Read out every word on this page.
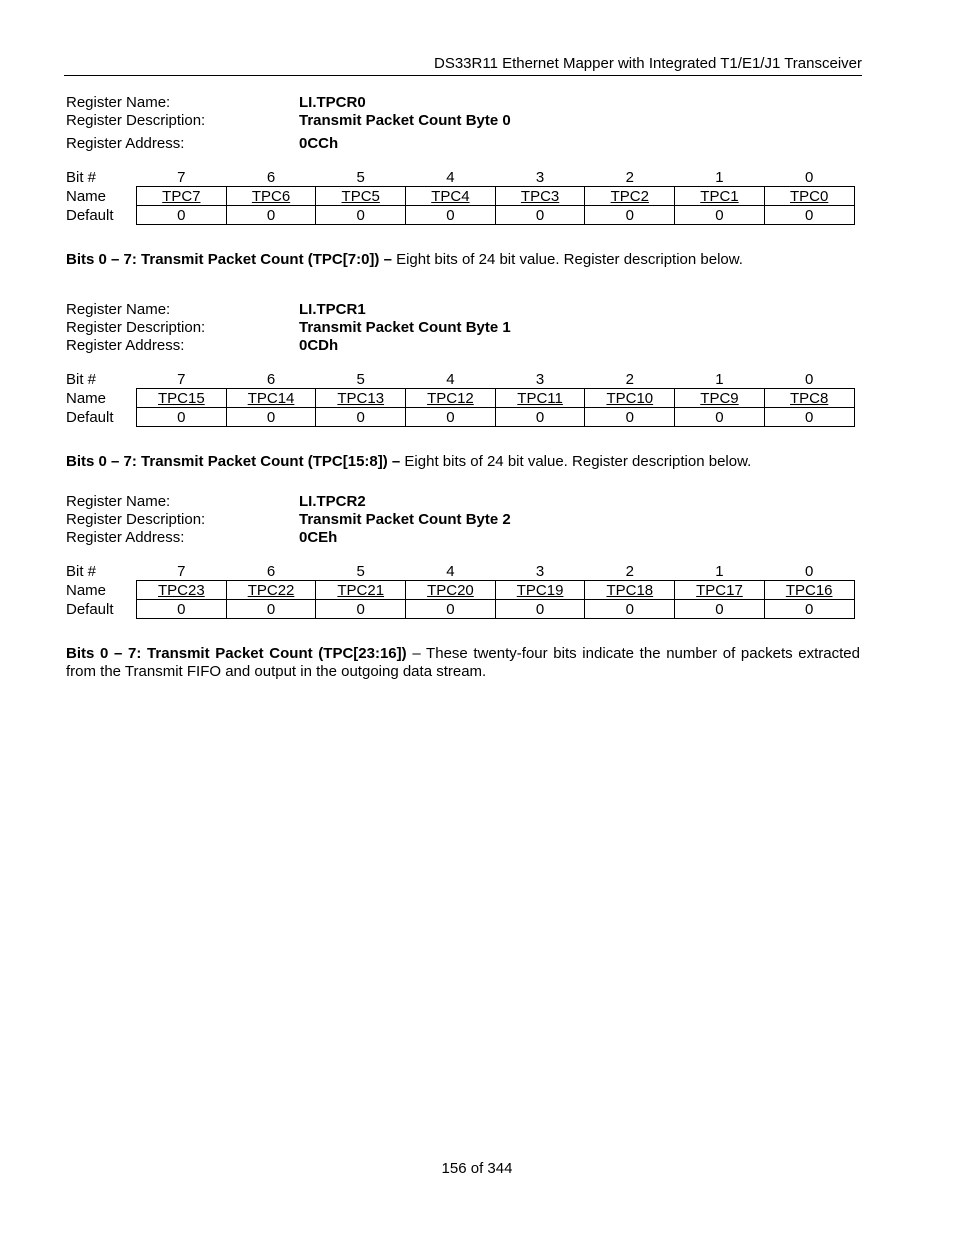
DS33R11 Ethernet Mapper with Integrated T1/E1/J1 Transceiver
Register Name:	LI.TPCR0
Register Description:	Transmit Packet Count Byte 0
Register Address:	0CCh
Bit #	7	6	5	4	3	2	1	0
Name	TPC7	TPC6	TPC5	TPC4	TPC3	TPC2	TPC1	TPC0
Default	0	0	0	0	0	0	0	0
Bits 0 – 7: Transmit Packet Count (TPC[7:0]) – Eight bits of 24 bit value. Register description below.
Register Name:	LI.TPCR1
Register Description:	Transmit Packet Count Byte 1
Register Address:	0CDh
Bit #	7	6	5	4	3	2	1	0
Name	TPC15	TPC14	TPC13	TPC12	TPC11	TPC10	TPC9	TPC8
Default	0	0	0	0	0	0	0	0
Bits 0 – 7: Transmit Packet Count (TPC[15:8]) – Eight bits of 24 bit value. Register description below.
Register Name:	LI.TPCR2
Register Description:	Transmit Packet Count Byte 2
Register Address:	0CEh
Bit #	7	6	5	4	3	2	1	0
Name	TPC23	TPC22	TPC21	TPC20	TPC19	TPC18	TPC17	TPC16
Default	0	0	0	0	0	0	0	0
Bits 0 – 7: Transmit Packet Count (TPC[23:16]) – These twenty-four bits indicate the number of packets extracted from the Transmit FIFO and output in the outgoing data stream.
156 of 344
